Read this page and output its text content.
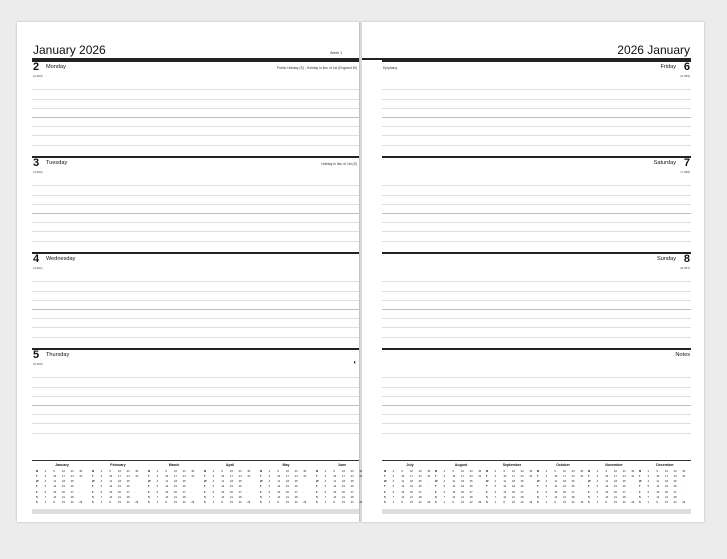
January 2026	Week 1
2 Monday
(2-363)
Public Holiday (S) - Holiday in lieu of 1st (England W)
3 Tuesday
(3-362)
Holiday in lieu of 1st (S)
4 Wednesday
(4-361)
5 Thursday
(5-360)	◐
January
M	2	9	16	23	30
T	3	10	17	24	31
W	4	11	18	25	.
T	5	12	19	26	.
F	6	13	20	27	.
S	7	14	21	28	.
S	1	8	15	22	29
February
M	2	9	16	23	30
T	3	10	17	24	31
W	4	11	18	25	.
T	5	12	19	26	.
F	6	13	20	27	.
S	7	14	21	28	.
S	1	8	15	22	29
March
M	2	9	16	23	30
T	3	10	17	24	31
W	4	11	18	25	.
T	5	12	19	26	.
F	6	13	20	27	.
S	7	14	21	28	.
S	1	8	15	22	29
April
M	2	9	16	23	30
T	3	10	17	24	31
W	4	11	18	25	.
T	5	12	19	26	.
F	6	13	20	27	.
S	7	14	21	28	.
S	1	8	15	22	29
May
M	2	9	16	23	30
T	3	10	17	24	31
W	4	11	18	25	.
T	5	12	19	26	.
F	6	13	20	27	.
S	7	14	21	28	.
S	1	8	15	22	29
June
M	2	9	16	23	30
T	3	10	17	24	31
W	4	11	18	25	.
T	5	12	19	26	.
F	6	13	20	27	.
S	7	14	21	28	.
S	1	8	15	22	29
2026 January
Epiphany	Friday 6
(6-359)
Saturday 7
(7-358)
Sunday 8
(8-357)
Notes
July
M	2	9	16	23	30
T	3	10	17	24	31
W	4	11	18	25	.
T	5	12	19	26	.
F	6	13	20	27	.
S	7	14	21	28	.
S	1	8	15	22	29
August
M	2	9	16	23	30
T	3	10	17	24	31
W	4	11	18	25	.
T	5	12	19	26	.
F	6	13	20	27	.
S	7	14	21	28	.
S	1	8	15	22	29
September
M	2	9	16	23	30
T	3	10	17	24	31
W	4	11	18	25	.
T	5	12	19	26	.
F	6	13	20	27	.
S	7	14	21	28	.
S	1	8	15	22	29
October
M	2	9	16	23	30
T	3	10	17	24	31
W	4	11	18	25	.
T	5	12	19	26	.
F	6	13	20	27	.
S	7	14	21	28	.
S	1	8	15	22	29
November
M	2	9	16	23	30
T	3	10	17	24	31
W	4	11	18	25	.
T	5	12	19	26	.
F	6	13	20	27	.
S	7	14	21	28	.
S	1	8	15	22	29
December
M	2	9	16	23	30
T	3	10	17	24	31
W	4	11	18	25	.
T	5	12	19	26	.
F	6	13	20	27	.
S	7	14	21	28	.
S	1	8	15	22	29
